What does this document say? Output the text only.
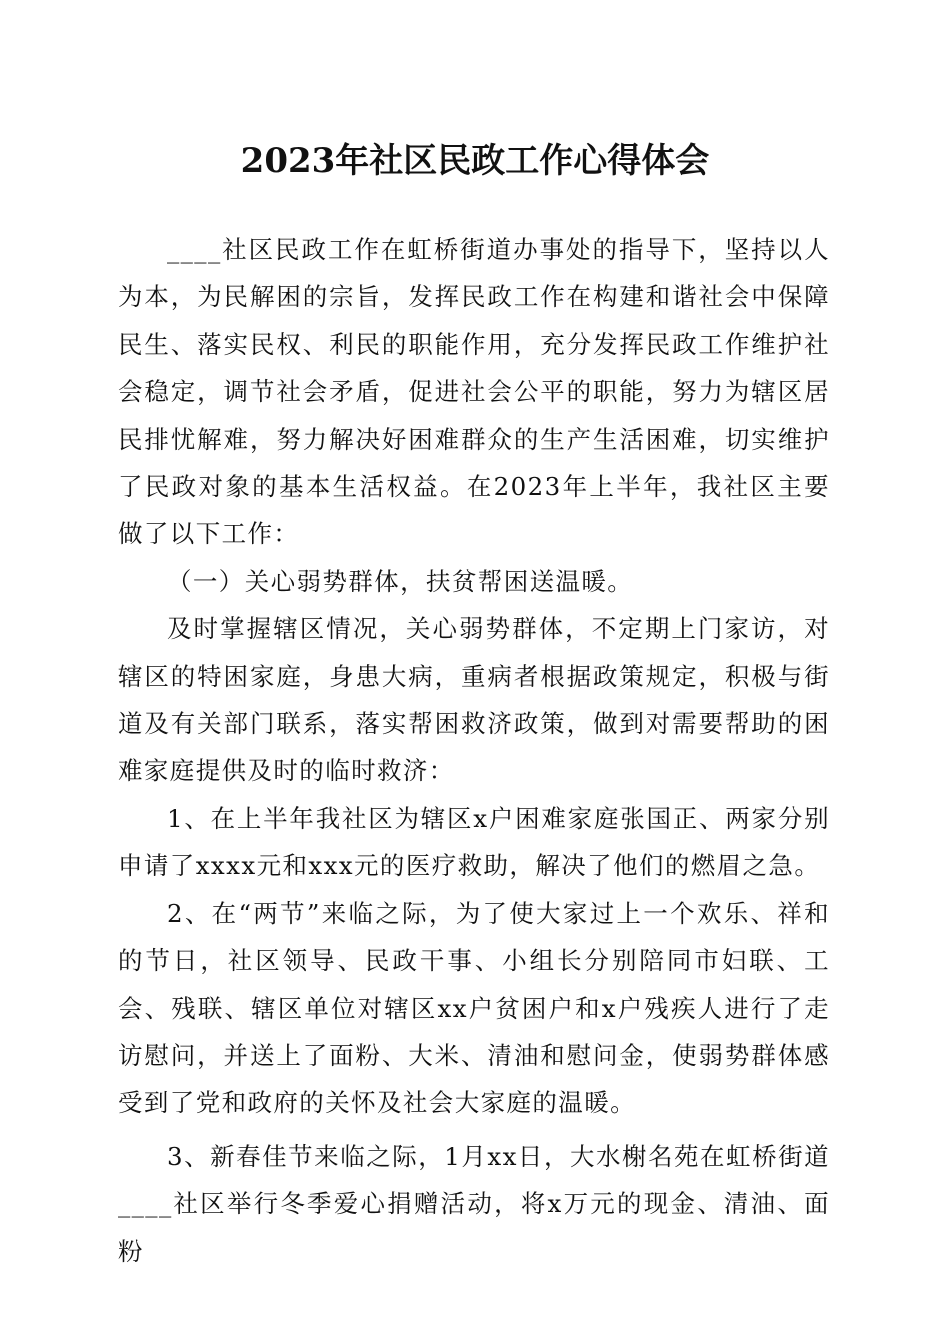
2023年社区民政工作心得体会

____社区民政工作在虹桥街道办事处的指导下，坚持以人为本，为民解困的宗旨，发挥民政工作在构建和谐社会中保障民生、落实民权、利民的职能作用，充分发挥民政工作维护社会稳定，调节社会矛盾，促进社会公平的职能，努力为辖区居民排忧解难，努力解决好困难群众的生产生活困难，切实维护了民政对象的基本生活权益。在2023年上半年，我社区主要做了以下工作：

（一）关心弱势群体，扶贫帮困送温暖。

及时掌握辖区情况，关心弱势群体，不定期上门家访，对辖区的特困家庭，身患大病，重病者根据政策规定，积极与街道及有关部门联系，落实帮困救济政策，做到对需要帮助的困难家庭提供及时的临时救济：

1、在上半年我社区为辖区x户困难家庭张国正、两家分别申请了xxxx元和xxx元的医疗救助，解决了他们的燃眉之急。

2、在“两节”来临之际，为了使大家过上一个欢乐、祥和的节日，社区领导、民政干事、小组长分别陪同市妇联、工会、残联、辖区单位对辖区xx户贫困户和x户残疾人进行了走访慰问，并送上了面粉、大米、清油和慰问金，使弱势群体感受到了党和政府的关怀及社会大家庭的温暖。

3、新春佳节来临之际，1月xx日，大水榭名苑在虹桥街道____社区举行冬季爱心捐赠活动，将x万元的现金、清油、面粉
